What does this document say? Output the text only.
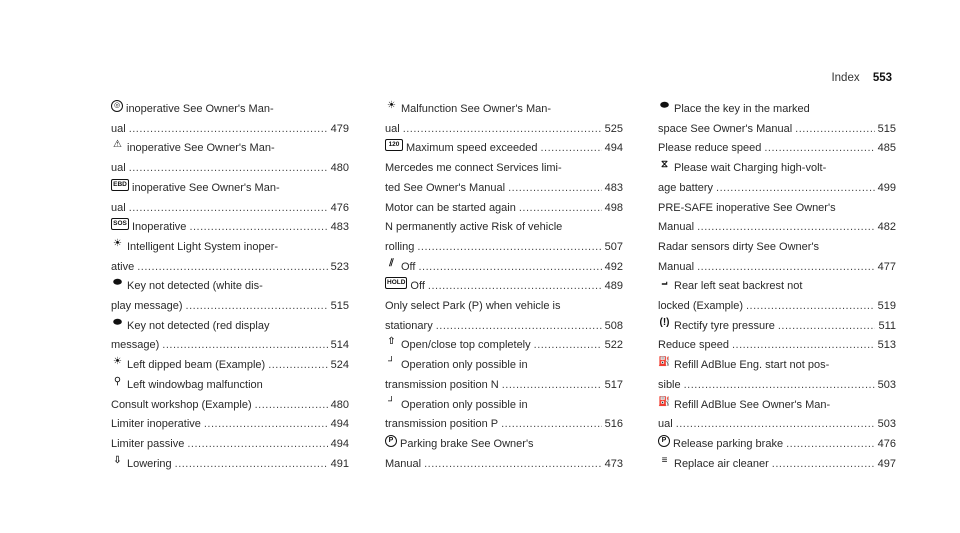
Index 553
◎ inoperative See Owner's Man-
ual .....	479
⚠ inoperative See Owner's Man-
ual .....	480
EBD inoperative See Owner's Man-
ual .....	476
SOS Inoperative .....	483
☀ Intelligent Light System inoper-
ative .....	523
⬬ Key not detected (white dis-
play message) .....	515
⬬ Key not detected (red display
message) .....	514
☀ Left dipped beam (Example) .....	524
⚲ Left windowbag malfunction
Consult workshop (Example) .....	480
Limiter inoperative .....	494
Limiter passive .....	494
⇩ Lowering .....	491
☀ Malfunction See Owner's Man-
ual .....	525
120 Maximum speed exceeded .....	494
Mercedes me connect Services limi-
ted See Owner's Manual .....	483
Motor can be started again .....	498
N permanently active Risk of vehicle
rolling .....	507
⫽ Off .....	492
HOLD Off .....	489
Only select Park (P) when vehicle is
stationary .....	508
⇧ Open/close top completely .....	522
┘ Operation only possible in
transmission position N .....	517
┘ Operation only possible in
transmission position P .....	516
P Parking brake See Owner's
Manual .....	473
⬬ Place the key in the marked
space See Owner's Manual .....	515
Please reduce speed .....	485
⧖ Please wait Charging high-volt-
age battery .....	499
PRE-SAFE inoperative See Owner's
Manual .....	482
Radar sensors dirty See Owner's
Manual .....	477
⨼ Rear left seat backrest not
locked (Example) .....	519
(!) Rectify tyre pressure .....	511
Reduce speed .....	513
⛽ Refill AdBlue Eng. start not pos-
sible .....	503
⛽ Refill AdBlue See Owner's Man-
ual .....	503
P Release parking brake .....	476
≡ Replace air cleaner .....	497
